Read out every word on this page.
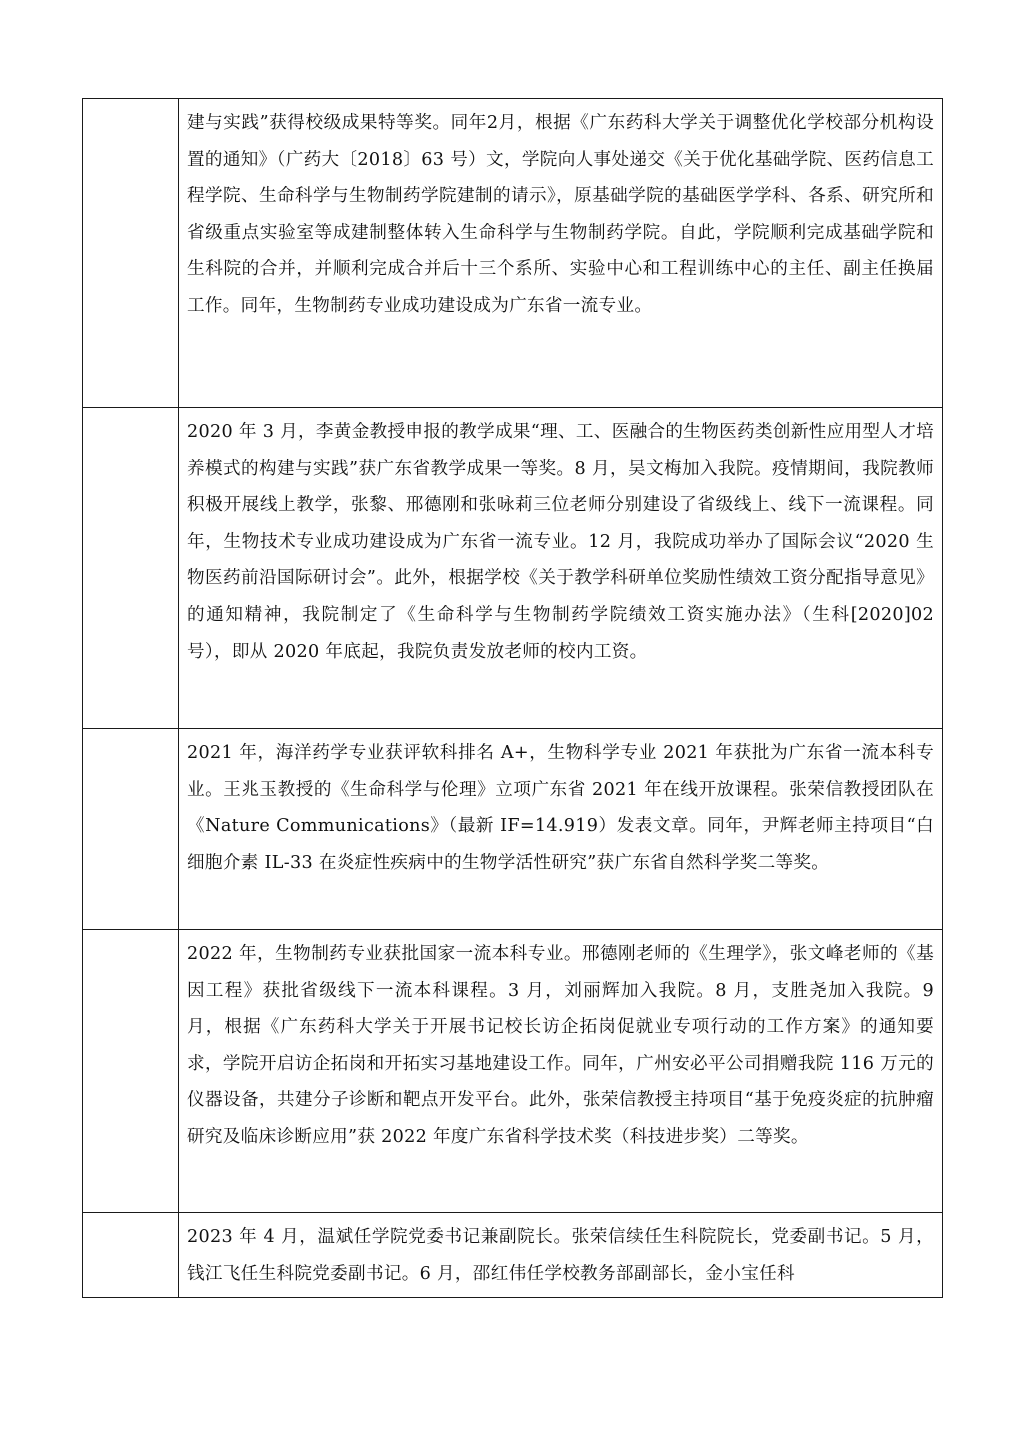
	建与实践”获得校级成果特等奖。同年2月，根据《广东药科大学关于调整优化学校部分机构设置的通知》（广药大〔2018〕63 号）文，学院向人事处递交《关于优化基础学院、医药信息工程学院、生命科学与生物制药学院建制的请示》，原基础学院的基础医学学科、各系、研究所和省级重点实验室等成建制整体转入生命科学与生物制药学院。自此，学院顺利完成基础学院和生科院的合并，并顺利完成合并后十三个系所、实验中心和工程训练中心的主任、副主任换届工作。同年，生物制药专业成功建设成为广东省一流专业。

	2020 年 3 月，李黄金教授申报的教学成果“理、工、医融合的生物医药类创新性应用型人才培养模式的构建与实践”获广东省教学成果一等奖。8 月，吴文梅加入我院。疫情期间，我院教师积极开展线上教学，张黎、邢德刚和张咏莉三位老师分别建设了省级线上、线下一流课程。同年，生物技术专业成功建设成为广东省一流专业。12 月，我院成功举办了国际会议“2020 生物医药前沿国际研讨会”。此外，根据学校《关于教学科研单位奖励性绩效工资分配指导意见》的通知精神，我院制定了《生命科学与生物制药学院绩效工资实施办法》（生科[2020]02 号），即从 2020 年底起，我院负责发放老师的校内工资。

	2021 年，海洋药学专业获评软科排名 A+，生物科学专业 2021 年获批为广东省一流本科专业。王兆玉教授的《生命科学与伦理》立项广东省 2021 年在线开放课程。张荣信教授团队在《Nature Communications》（最新 IF=14.919）发表文章。同年，尹辉老师主持项目“白细胞介素 IL-33 在炎症性疾病中的生物学活性研究”获广东省自然科学奖二等奖。

	2022 年，生物制药专业获批国家一流本科专业。邢德刚老师的《生理学》，张文峰老师的《基因工程》获批省级线下一流本科课程。3 月，刘丽辉加入我院。8 月，支胜尧加入我院。9 月，根据《广东药科大学关于开展书记校长访企拓岗促就业专项行动的工作方案》的通知要求，学院开启访企拓岗和开拓实习基地建设工作。同年，广州安必平公司捐赠我院 116 万元的仪器设备，共建分子诊断和靶点开发平台。此外，张荣信教授主持项目“基于免疫炎症的抗肿瘤研究及临床诊断应用”获 2022 年度广东省科学技术奖（科技进步奖）二等奖。

	2023 年 4 月，温斌任学院党委书记兼副院长。张荣信续任生科院院长，党委副书记。5 月，钱江飞任生科院党委副书记。6 月，邵红伟任学校教务部副部长，金小宝任科
